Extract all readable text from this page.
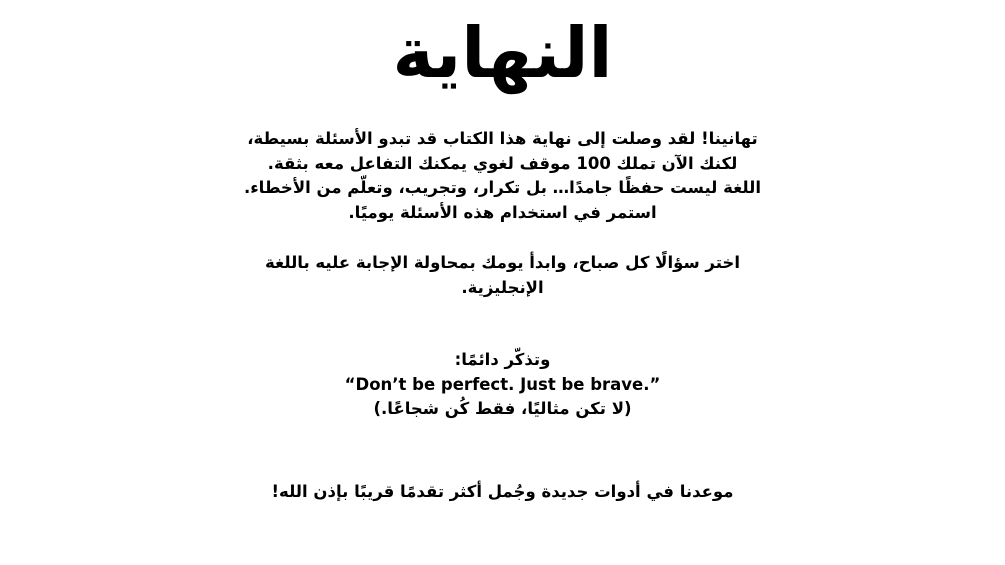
النهاية
تهانينا! لقد وصلت إلى نهاية هذا الكتاب قد تبدو الأسئلة بسيطة،
لكنك الآن تملك 100 موقف لغوي يمكنك التفاعل معه بثقة.
اللغة ليست حفظًا جامدًا… بل تكرار، وتجريب، وتعلّم من الأخطاء.
استمر في استخدام هذه الأسئلة يوميًا.
اختر سؤالًا كل صباح، وابدأ يومك بمحاولة الإجابة عليه باللغة
الإنجليزية.
وتذكّر دائمًا:
“Don’t be perfect. Just be brave.”
(لا تكن مثاليًا، فقط كُن شجاعًا.)
موعدنا في أدوات جديدة وجُمل أكثر تقدمًا قريبًا بإذن الله!
